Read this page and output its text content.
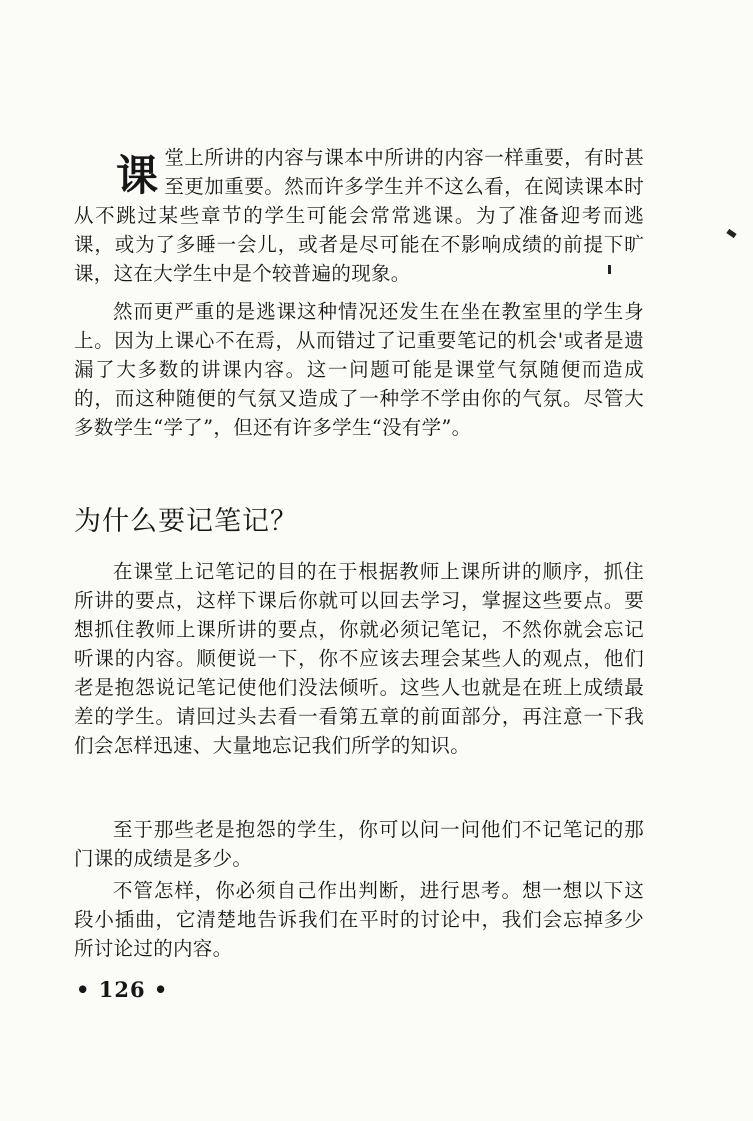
课堂上所讲的内容与课本中所讲的内容一样重要，有时甚至更加重要。然而许多学生并不这么看，在阅读课本时从不跳过某些章节的学生可能会常常逃课。为了准备迎考而逃课，或为了多睡一会儿，或者是尽可能在不影响成绩的前提下旷课，这在大学生中是个较普遍的现象。

然而更严重的是逃课这种情况还发生在坐在教室里的学生身上。因为上课心不在焉，从而错过了记重要笔记的机会'或者是遗漏了大多数的讲课内容。这一问题可能是课堂气氛随便而造成的，而这种随便的气氛又造成了一种学不学由你的气氛。尽管大多数学生“学了”，但还有许多学生“没有学”。

为什么要记笔记？

在课堂上记笔记的目的在于根据教师上课所讲的顺序，抓住所讲的要点，这样下课后你就可以回去学习，掌握这些要点。要想抓住教师上课所讲的要点，你就必须记笔记，不然你就会忘记听课的内容。顺便说一下，你不应该去理会某些人的观点，他们老是抱怨说记笔记使他们没法倾听。这些人也就是在班上成绩最差的学生。请回过头去看一看第五章的前面部分，再注意一下我们会怎样迅速、大量地忘记我们所学的知识。

至于那些老是抱怨的学生，你可以问一问他们不记笔记的那门课的成绩是多少。

不管怎样，你必须自己作出判断，进行思考。想一想以下这段小插曲，它清楚地告诉我们在平时的讨论中，我们会忘掉多少所讨论过的内容。

• 126 •
